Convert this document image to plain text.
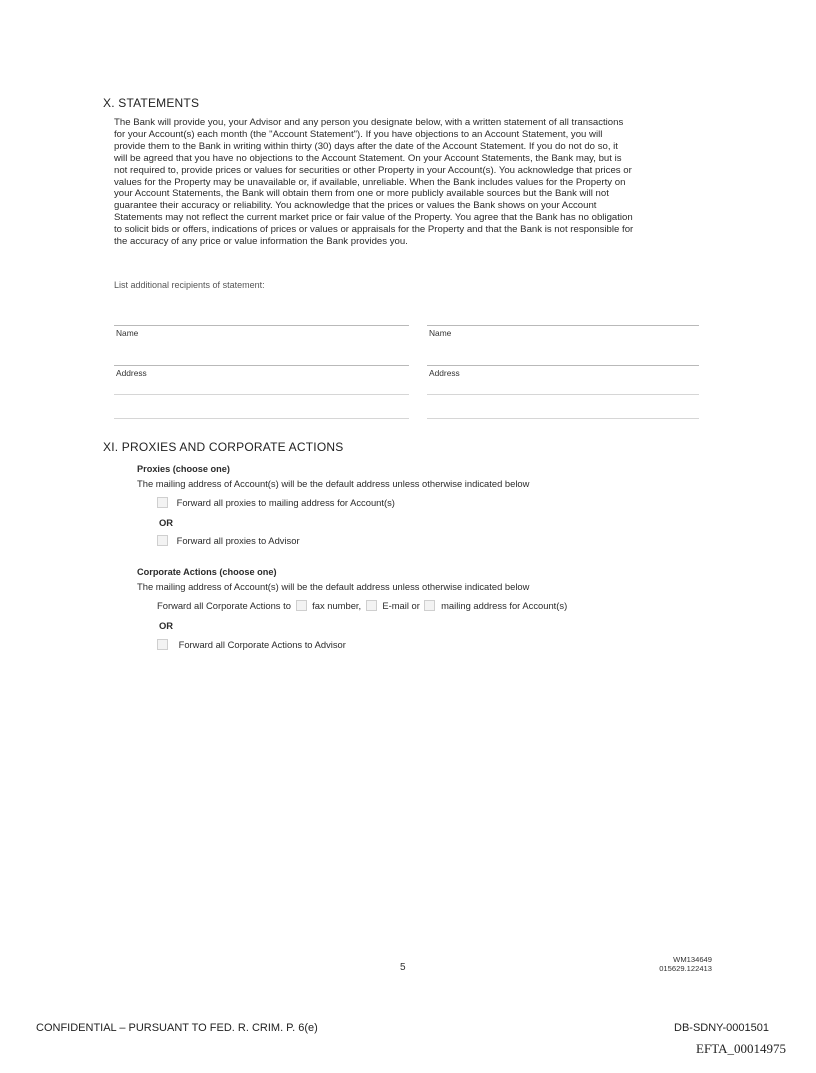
X. STATEMENTS
The Bank will provide you, your Advisor and any person you designate below, with a written statement of all transactions
for your Account(s) each month (the "Account Statement"). If you have objections to an Account Statement, you will
provide them to the Bank in writing within thirty (30) days after the date of the Account Statement. If you do not do so, it
will be agreed that you have no objections to the Account Statement. On your Account Statements, the Bank may, but is
not required to, provide prices or values for securities or other Property in your Account(s). You acknowledge that prices or
values for the Property may be unavailable or, if available, unreliable. When the Bank includes values for the Property on
your Account Statements, the Bank will obtain them from one or more publicly available sources but the Bank will not
guarantee their accuracy or reliability. You acknowledge that the prices or values the Bank shows on your Account
Statements may not reflect the current market price or fair value of the Property. You agree that the Bank has no obligation
to solicit bids or offers, indications of prices or values or appraisals for the Property and that the Bank is not responsible for
the accuracy of any price or value information the Bank provides you.
List additional recipients of statement:
Name	Name
Address	Address
XI. PROXIES AND CORPORATE ACTIONS
Proxies (choose one)
The mailing address of Account(s) will be the default address unless otherwise indicated below
Forward all proxies to mailing address for Account(s)
OR
Forward all proxies to Advisor
Corporate Actions (choose one)
The mailing address of Account(s) will be the default address unless otherwise indicated below
Forward all Corporate Actions to fax number, E-mail or mailing address for Account(s)
OR
Forward all Corporate Actions to Advisor
5
WM134649
015629.122413
CONFIDENTIAL – PURSUANT TO FED. R. CRIM. P. 6(e)	DB-SDNY-0001501
EFTA_00014975
